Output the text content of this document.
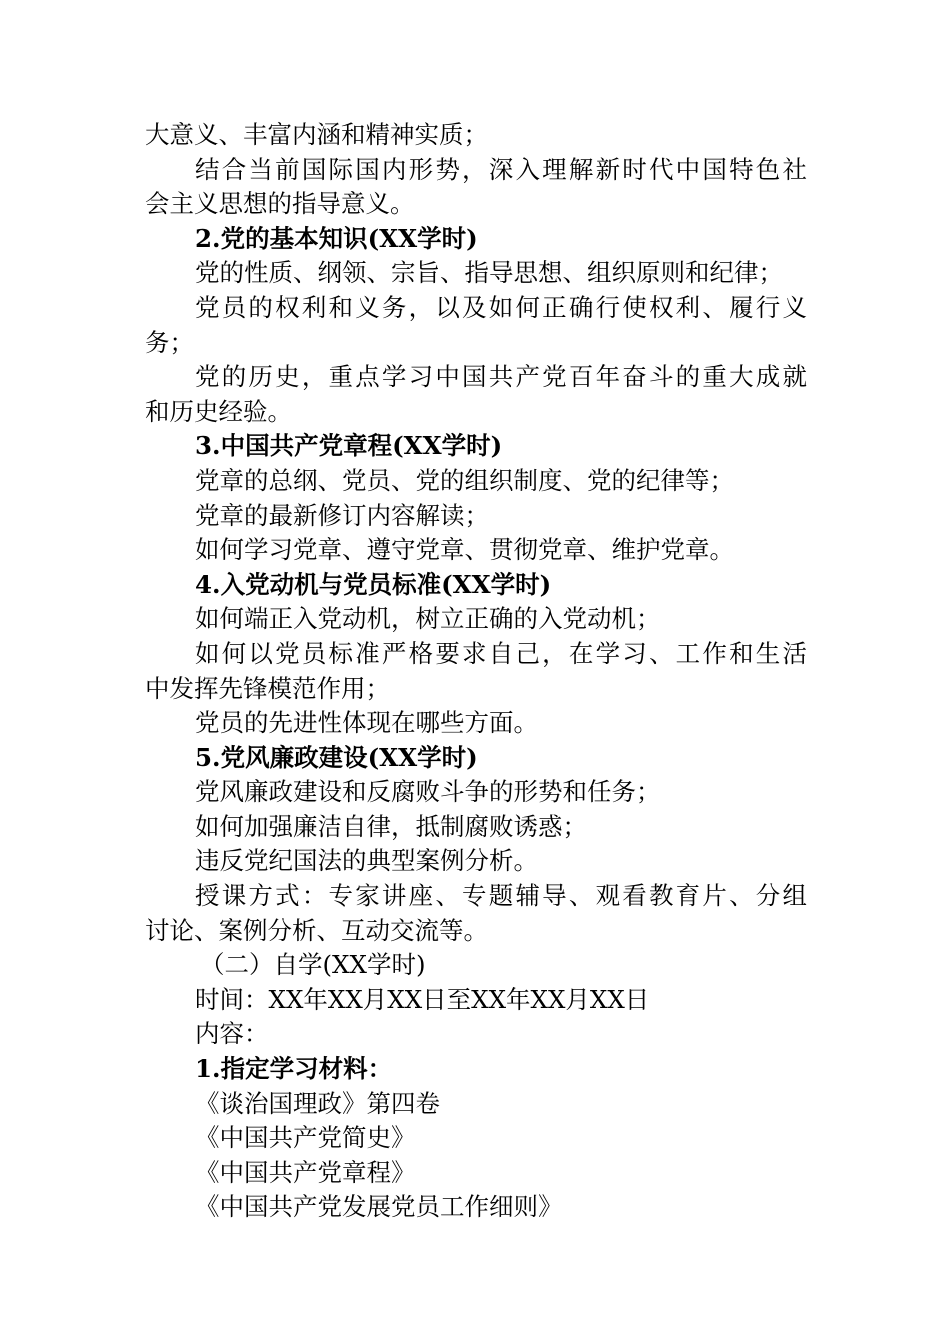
大意义、丰富内涵和精神实质；
结合当前国际国内形势，深入理解新时代中国特色社
会主义思想的指导意义。
2.党的基本知识(XX学时)
党的性质、纲领、宗旨、指导思想、组织原则和纪律；
党员的权利和义务，以及如何正确行使权利、履行义
务；
党的历史，重点学习中国共产党百年奋斗的重大成就
和历史经验。
3.中国共产党章程(XX学时)
党章的总纲、党员、党的组织制度、党的纪律等；
党章的最新修订内容解读；
如何学习党章、遵守党章、贯彻党章、维护党章。
4.入党动机与党员标准(XX学时)
如何端正入党动机，树立正确的入党动机；
如何以党员标准严格要求自己，在学习、工作和生活
中发挥先锋模范作用；
党员的先进性体现在哪些方面。
5.党风廉政建设(XX学时)
党风廉政建设和反腐败斗争的形势和任务；
如何加强廉洁自律，抵制腐败诱惑；
违反党纪国法的典型案例分析。
授课方式：专家讲座、专题辅导、观看教育片、分组
讨论、案例分析、互动交流等。
（二）自学(XX学时)
时间：XX年XX月XX日至XX年XX月XX日
内容：
1.指定学习材料：
《谈治国理政》第四卷
《中国共产党简史》
《中国共产党章程》
《中国共产党发展党员工作细则》
